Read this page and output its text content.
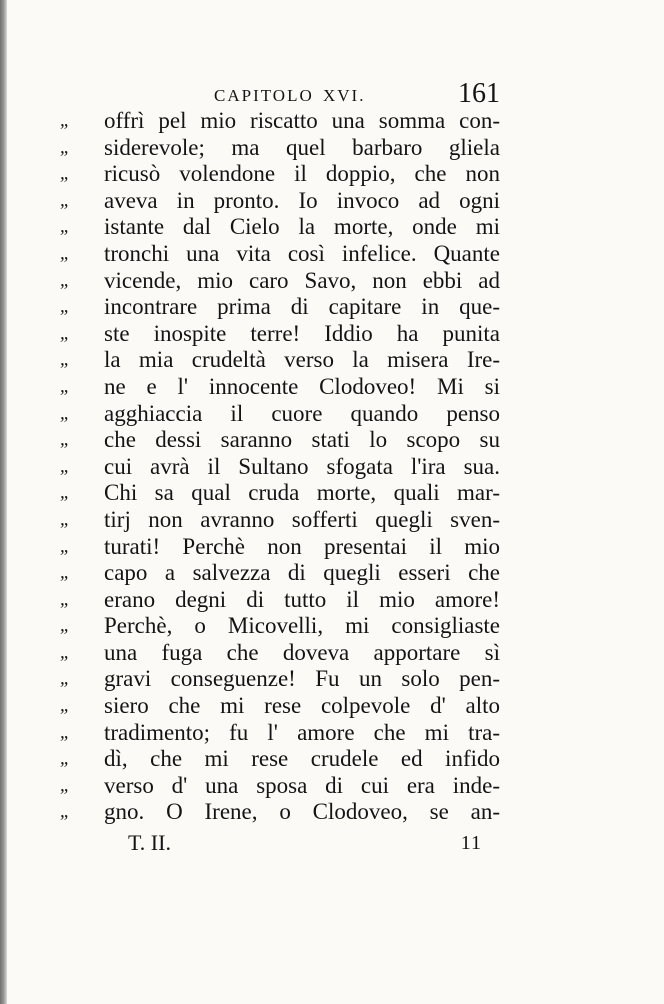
CAPITOLO XVI.	161
,,	offrì pel mio riscatto una somma con-
,,	siderevole; ma quel barbaro gliela
,,	ricusò volendone il doppio, che non
,,	aveva in pronto. Io invoco ad ogni
,,	istante dal Cielo la morte, onde mi
,,	tronchi una vita così infelice. Quante
,,	vicende, mio caro Savo, non ebbi ad
,,	incontrare prima di capitare in que-
,,	ste inospite terre! Iddio ha punita
,,	la mia crudeltà verso la misera Ire-
,,	ne e l' innocente Clodoveo! Mi si
,,	agghiaccia il cuore quando penso
,,	che dessi saranno stati lo scopo su
,,	cui avrà il Sultano sfogata l'ira sua.
,,	Chi sa qual cruda morte, quali mar-
,,	tirj non avranno sofferti quegli sven-
,,	turati! Perchè non presentai il mio
,,	capo a salvezza di quegli esseri che
,,	erano degni di tutto il mio amore!
,,	Perchè, o Micovelli, mi consigliaste
,,	una fuga che doveva apportare sì
,,	gravi conseguenze! Fu un solo pen-
,,	siero che mi rese colpevole d' alto
,,	tradimento; fu l' amore che mi tra-
,,	dì, che mi rese crudele ed infido
,,	verso d' una sposa di cui era inde-
,,	gno. O Irene, o Clodoveo, se an-
T. II.	11
